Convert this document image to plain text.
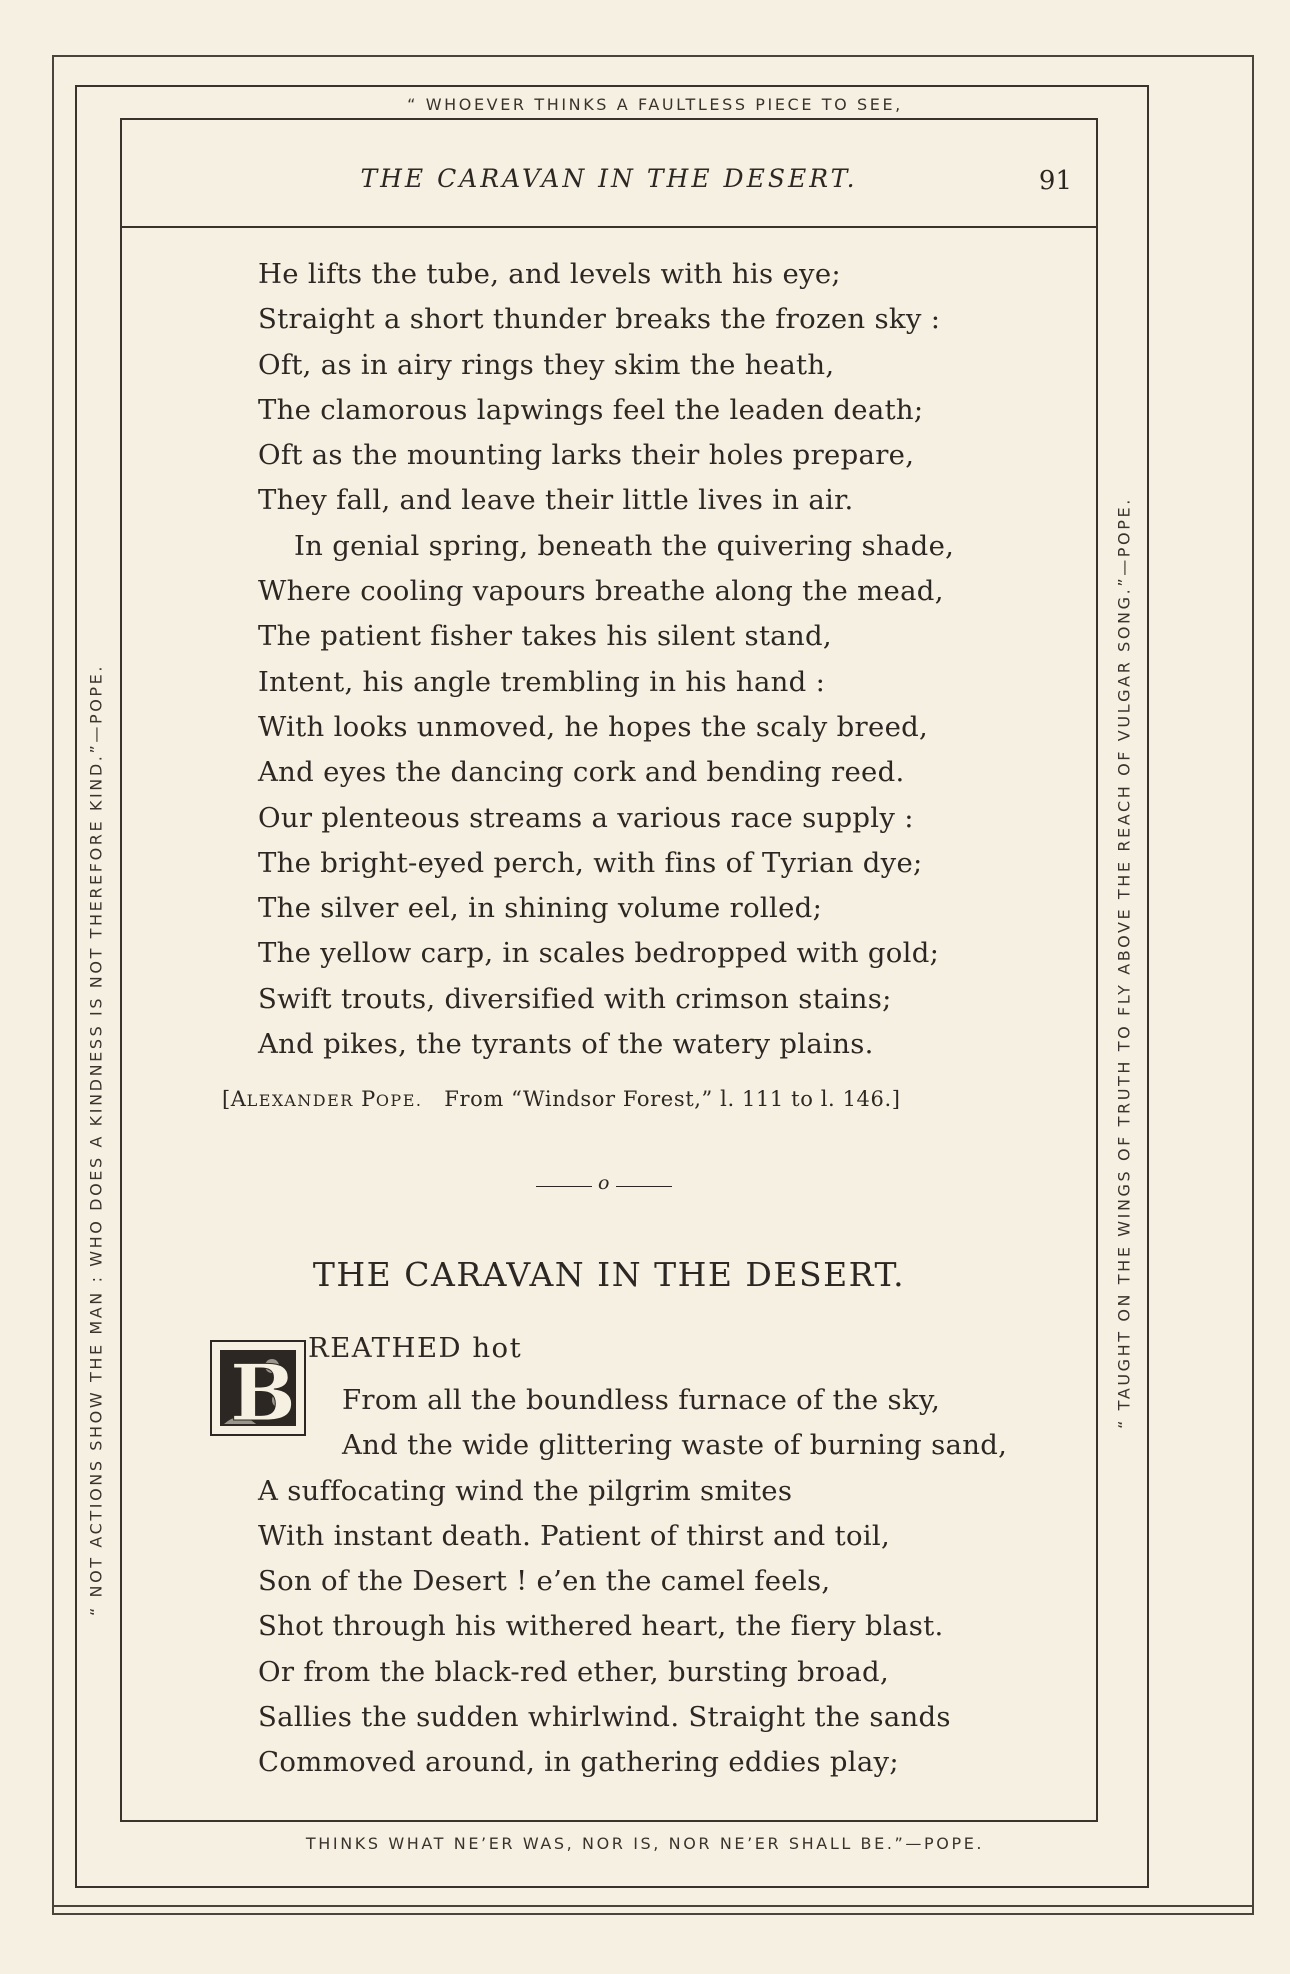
“ WHOEVER THINKS A FAULTLESS PIECE TO SEE,
THINKS WHAT NE’ER WAS, NOR IS, NOR NE’ER SHALL BE.”—POPE.
“ NOT ACTIONS SHOW THE MAN : WHO DOES A KINDNESS IS NOT THEREFORE KIND.”—POPE.	“ TAUGHT ON THE WINGS OF TRUTH TO FLY ABOVE THE REACH OF VULGAR SONG.”—POPE.
THE CARAVAN IN THE DESERT.	91
He lifts the tube, and levels with his eye;
Straight a short thunder breaks the frozen sky :
Oft, as in airy rings they skim the heath,
The clamorous lapwings feel the leaden death;
Oft as the mounting larks their holes prepare,
They fall, and leave their little lives in air.
In genial spring, beneath the quivering shade,
Where cooling vapours breathe along the mead,
The patient fisher takes his silent stand,
Intent, his angle trembling in his hand :
With looks unmoved, he hopes the scaly breed,
And eyes the dancing cork and bending reed.
Our plenteous streams a various race supply :
The bright-eyed perch, with fins of Tyrian dye;
The silver eel, in shining volume rolled;
The yellow carp, in scales bedropped with gold;
Swift trouts, diversified with crimson stains;
And pikes, the tyrants of the watery plains.
[ALEXANDER POPE. From “Windsor Forest,” l. 111 to l. 146.]
o
THE CARAVAN IN THE DESERT.
B REATHED hot
From all the boundless furnace of the sky,
And the wide glittering waste of burning sand,
A suffocating wind the pilgrim smites
With instant death. Patient of thirst and toil,
Son of the Desert ! e’en the camel feels,
Shot through his withered heart, the fiery blast.
Or from the black-red ether, bursting broad,
Sallies the sudden whirlwind. Straight the sands
Commoved around, in gathering eddies play;
